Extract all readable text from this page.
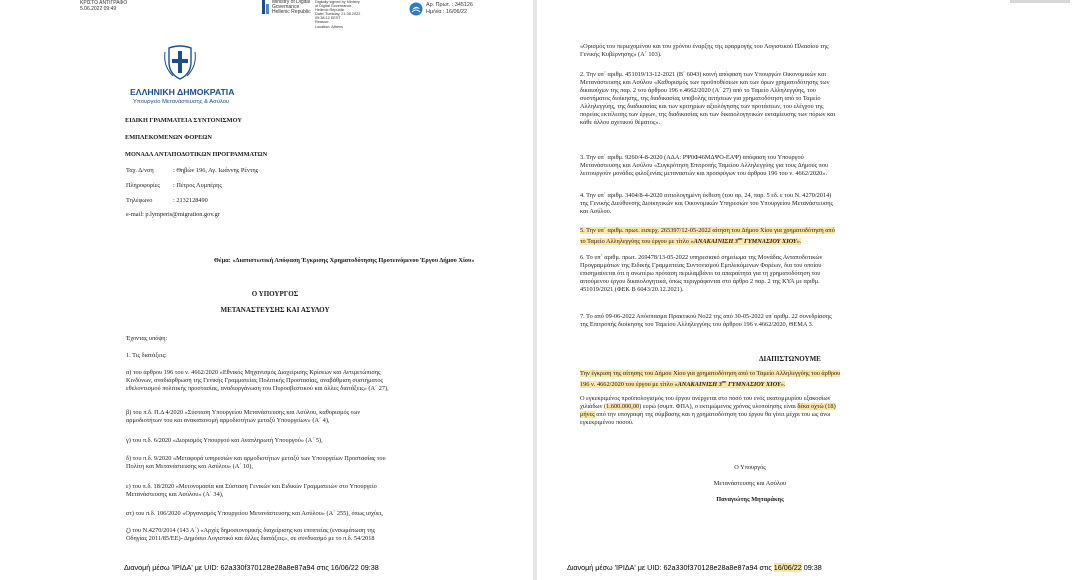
ΚΡΙΣΤΟ ΑΝΤΙΓΡΑΦΟ
5.06.2022 09:49
Ministry of Digital
Governance
Hellenic Republic
Digitally signed by Ministry
of Digital Governance,
Hellenic Republic
Date: Tuesday, 21.06.2022
09:38:12 EEST
Reason:
Location: Athens
Αρ. Πρωτ. : 345126
Ημ/νία : 16/06/22
ΕΛΛΗΝΙΚΗ ΔΗΜΟΚΡΑΤΙΑ
Υπουργείο Μετανάστευσης & Ασύλου
ΕΙΔΙΚΗ ΓΡΑΜΜΑΤΕΙΑ ΣΥΝΤΟΝΙΣΜΟΥ
ΕΜΠΛΕΚΟΜΕΝΩΝ ΦΟΡΕΩΝ
ΜΟΝΑΔΑ ΑΝΤΑΠΟΔΟΤΙΚΩΝ ΠΡΟΓΡΑΜΜΑΤΩΝ
Ταχ. Δ/νση	: Θηβών 196, Αγ. Ιωάννης Ρέντης
Πληροφορίες : Πέτρος Λυμπέρης
Τηλέφωνο	: 2132128490
e-mail: p.lymperis@migration.gov.gr
Θέμα: «Διαπιστωτική Απόφαση Έγκρισης Χρηματοδότησης Προτεινόμενου Έργου Δήμου Χίου»
Ο ΥΠΟΥΡΓΟΣ
ΜΕΤΑΝΑΣΤΕΥΣΗΣ ΚΑΙ ΑΣΥΛΟΥ
Έχοντας υπόψη:
1. Τις διατάξεις:
α) του άρθρου 196 του ν. 4662/2020 «Εθνικός Μηχανισμός Διαχείρισης Κρίσεων και Αντιμετώπισης
Κινδύνων, αναδιάρθρωση της Γενικής Γραμματείας Πολιτικής Προστασίας, αναβάθμιση συστήματος
εθελοντισμού πολιτικής προστασίας, αναδιοργάνωση του Πυροσβεστικού και άλλες διατάξεις» (Α΄ 27),
β) του π.δ. Π.Δ 4/2020 «Σύσταση Υπουργείου Μετανάστευσης και Ασύλου, καθορισμός των
αρμοδιοτήτων του και ανακατανομή αρμοδιοτήτων μεταξύ Υπουργείων» (Α΄ 4),
γ) του π.δ. 6/2020 «Διορισμός Υπουργού και Αναπληρωτή Υπουργού» (Α΄ 5),
δ) του π.δ. 9/2020 «Μεταφορά υπηρεσιών και αρμοδιοτήτων μεταξύ των Υπουργείων Προστασίας του
Πολίτη και Μετανάστευσης και Ασύλου» (Α΄ 10),
ε) του π.δ. 18/2020 «Μετονομασία και Σύσταση Γενικών και Ειδικών Γραμματειών στο Υπουργείο
Μετανάστευσης και Ασύλου» (Α΄ 34),
στ) του π.δ. 106/2020 «Οργανισμός Υπουργείου Μετανάστευσης και Ασύλου» (Α΄ 255), όπως ισχύει,
ζ) του Ν.4270/2014 (143 Α΄) «Αρχές δημοσιονομικής διαχείρισης και εποπτείας (ενσωμάτωση της
Οδηγίας 2011/85/ΕΕ)- Δημόσιο Λογιστικό και άλλες διατάξεις», σε συνδυασμό με το π.δ. 54/2018
Διανομή μέσω 'ΙΡΙΔΑ' με UID: 62a330f370128e28a8e87a94 στις 16/06/22 09:38
«Ορισμός του περιεχομένου και του χρόνου έναρξης της εφαρμογής του Λογιστικού Πλαισίου της
Γενικής Κυβέρνησης» (Α΄ 103).
2. Την υπ΄ αριθμ. 451019/13-12-2021 (Β΄ 6043) κοινή απόφαση των Υπουργών Οικονομικών και
Μετανάστευσης και Ασύλου «Καθορισμός των προϋποθέσεων και των όρων χρηματοδότησης των
δικαιούχων της παρ. 2 του άρθρου 196 ν.4662/2020 (Α΄ 27) από το Ταμείο Αλληλεγγύης, του
συστήματος διοίκησης, της διαδικασίας υποβολής αιτήσεων για χρηματοδότηση από το Ταμείο
Αλληλεγγύης, της διαδικασίας και των κριτηρίων αξιολόγησης των προτάσεων, του ελέγχου της
πορείας εκτέλεσης των έργων, της διαδικασίας και των δικαιολογητικών εκταμίευσης των πόρων και
κάθε άλλου σχετικού θέματος».
3. Την υπ΄ αριθμ. 9260/4-8-2020 (ΑΔΑ: ΡΨ0Φ46ΜΔΨΟ-ΕΑΨ) απόφαση του Υπουργού
Μετανάστευσης και Ασύλου «Συγκρότηση Επιτροπής Ταμείου Αλληλεγγύης για τους Δήμους που
λειτουργούν μονάδες φιλοξενίας μεταναστών και προσφύγων του άρθρου 196 του ν. 4662/2020».
4. Την υπ΄ αριθμ. 3404/8-4-2020 αιτιολογημένη έκθεση (του αρ. 24, παρ. 5 εδ. ε του Ν. 4270/2014)
της Γενικής Διεύθυνσης Διοικητικών και Οικονομικών Υπηρεσιών του Υπουργείου Μετανάστευσης
και Ασύλου.
5. Την υπ΄ αριθμ. πρωτ. εισερχ. 265397/12-05-2022 αίτηση του Δήμου Χίου για χρηματοδότηση από
το Ταμείο Αλληλεγγύης του έργου με τίτλο «ΑΝΑΚΑΙΝΙΣΗ $3^{o\upsilon}$ ΓΥΜΝΑΣΙΟΥ ΧΙΟΥ».
6. Το υπ΄ αριθμ. πρωτ. 269478/13-05-2022 υπηρεσιακό σημείωμα της Μονάδας Ανταποδοτικών
Προγραμμάτων της Ειδικής Γραμματείας Συντονισμού Εμπλεκόμενων Φορέων, δια του οποίου
επισημαίνεται ότι η ανωτέρω πρόταση περιλαμβάνει τα απαραίτητα για τη χρηματοδότηση του
αιτούμενου έργου δικαιολογητικά, όπως περιγράφονται στο άρθρο 2 παρ. 2 της ΚΥΑ με αριθμ.
451019/2021 (ΦΕΚ Β 6043/20.12.2021).
7. Το από 09-06-2022 Απόσπασμα Πρακτικού Νο22 της από 30-05-2022 υπ΄αριθμ. 22 συνεδρίασης
της Επιτροπής διοίκησης του Ταμείου Αλληλεγγύης του άρθρου 196 ν.4662/2020, ΘΕΜΑ 3.
ΔΙΑΠΙΣΤΩΝΟΥΜΕ
Την έγκριση της αίτησης του Δήμου Χίου για χρηματοδότηση από το Ταμείο Αλληλεγγύης του άρθρου
196 ν. 4662/2020 του έργου με τίτλο «ΑΝΑΚΑΙΝΙΣΗ $3^{o\upsilon}$ ΓΥΜΝΑΣΙΟΥ ΧΙΟΥ».
Ο εγκεκριμένος προϋπολογισμός του έργου ανέρχεται στο ποσό του ενός εκατομμυρίου εξακοσίων
χιλιάδων (1.600.000,00) ευρώ (συμπ. ΦΠΑ), ο εκτιμώμενος χρόνος υλοποίησης είναι δέκα οχτώ (18)
μήνες από την υπογραφή της σύμβασης και η χρηματοδότηση του έργου θα γίνει μέχρι του ως άνω
εγκεκριμένου ποσού.
Ο Υπουργός
Μετανάστευσης και Ασύλου
Παναγιώτης Μηταράκης
Διανομή μέσω 'ΙΡΙΔΑ' με UID: 62a330f370128e28a8e87a94 στις 16/06/22 09:38
